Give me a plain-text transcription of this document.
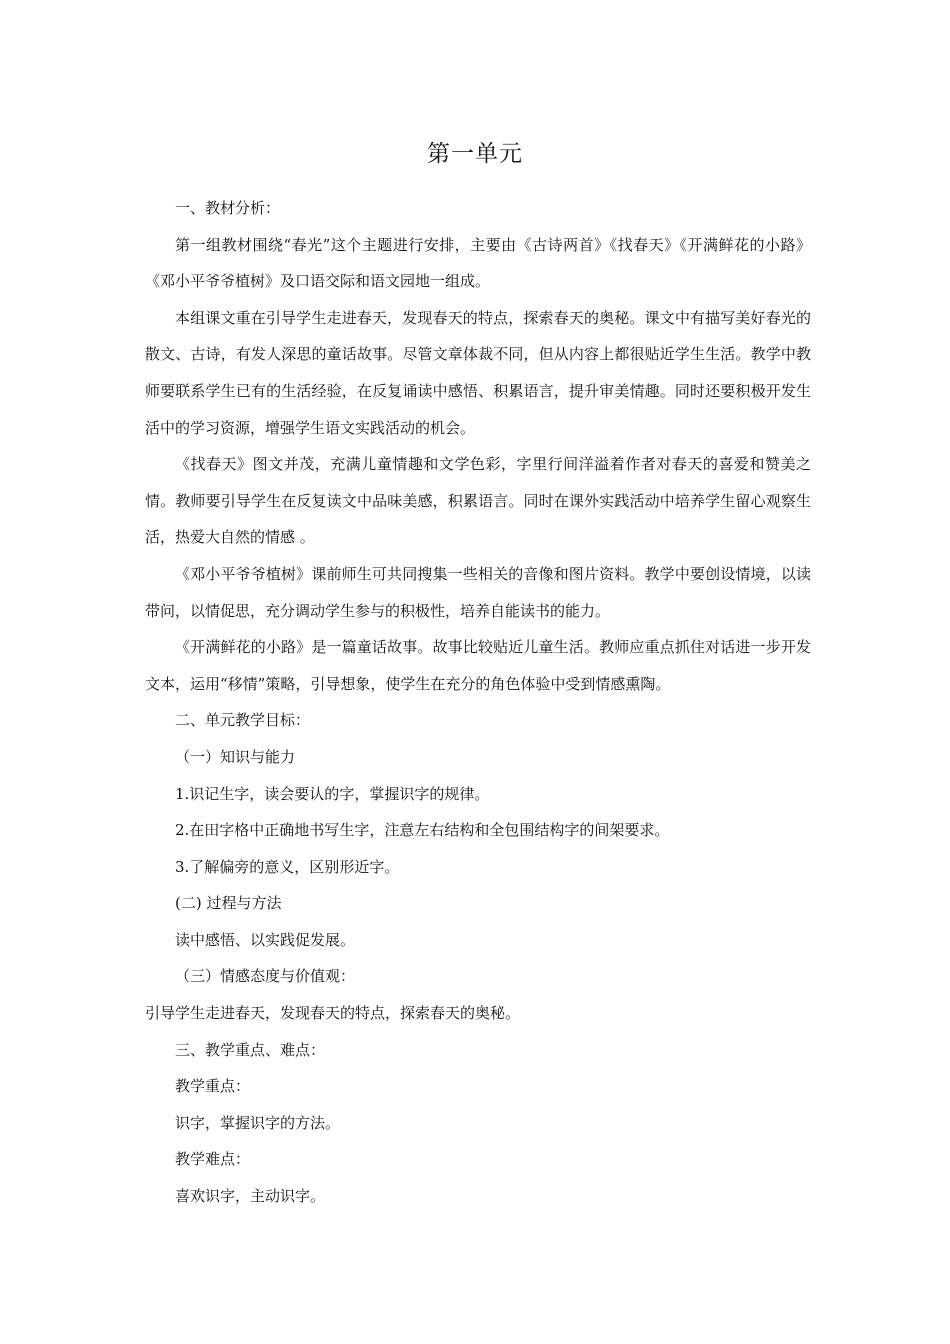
第一单元

一、教材分析：

第一组教材围绕“春光”这个主题进行安排，主要由《古诗两首》《找春天》《开满鲜花的小路》《邓小平爷爷植树》及口语交际和语文园地一组成。

本组课文重在引导学生走进春天，发现春天的特点，探索春天的奥秘。课文中有描写美好春光的散文、古诗，有发人深思的童话故事。尽管文章体裁不同，但从内容上都很贴近学生生活。教学中教师要联系学生已有的生活经验，在反复诵读中感悟、积累语言，提升审美情趣。同时还要积极开发生活中的学习资源，增强学生语文实践活动的机会。

《找春天》图文并茂，充满儿童情趣和文学色彩，字里行间洋溢着作者对春天的喜爱和赞美之情。教师要引导学生在反复读文中品味美感，积累语言。同时在课外实践活动中培养学生留心观察生活，热爱大自然的情感 。

《邓小平爷爷植树》课前师生可共同搜集一些相关的音像和图片资料。教学中要创设情境，以读带问，以情促思，充分调动学生参与的积极性，培养自能读书的能力。

《开满鲜花的小路》是一篇童话故事。故事比较贴近儿童生活。教师应重点抓住对话进一步开发文本，运用“移情”策略，引导想象，使学生在充分的角色体验中受到情感熏陶。

二、单元教学目标：

（一）知识与能力

1.识记生字，读会要认的字，掌握识字的规律。

2.在田字格中正确地书写生字，注意左右结构和全包围结构字的间架要求。

3.了解偏旁的意义，区别形近字。

(二) 过程与方法

读中感悟、以实践促发展。

（三）情感态度与价值观：

引导学生走进春天，发现春天的特点，探索春天的奥秘。

三、教学重点、难点：

教学重点：

识字，掌握识字的方法。

教学难点：

喜欢识字，主动识字。
